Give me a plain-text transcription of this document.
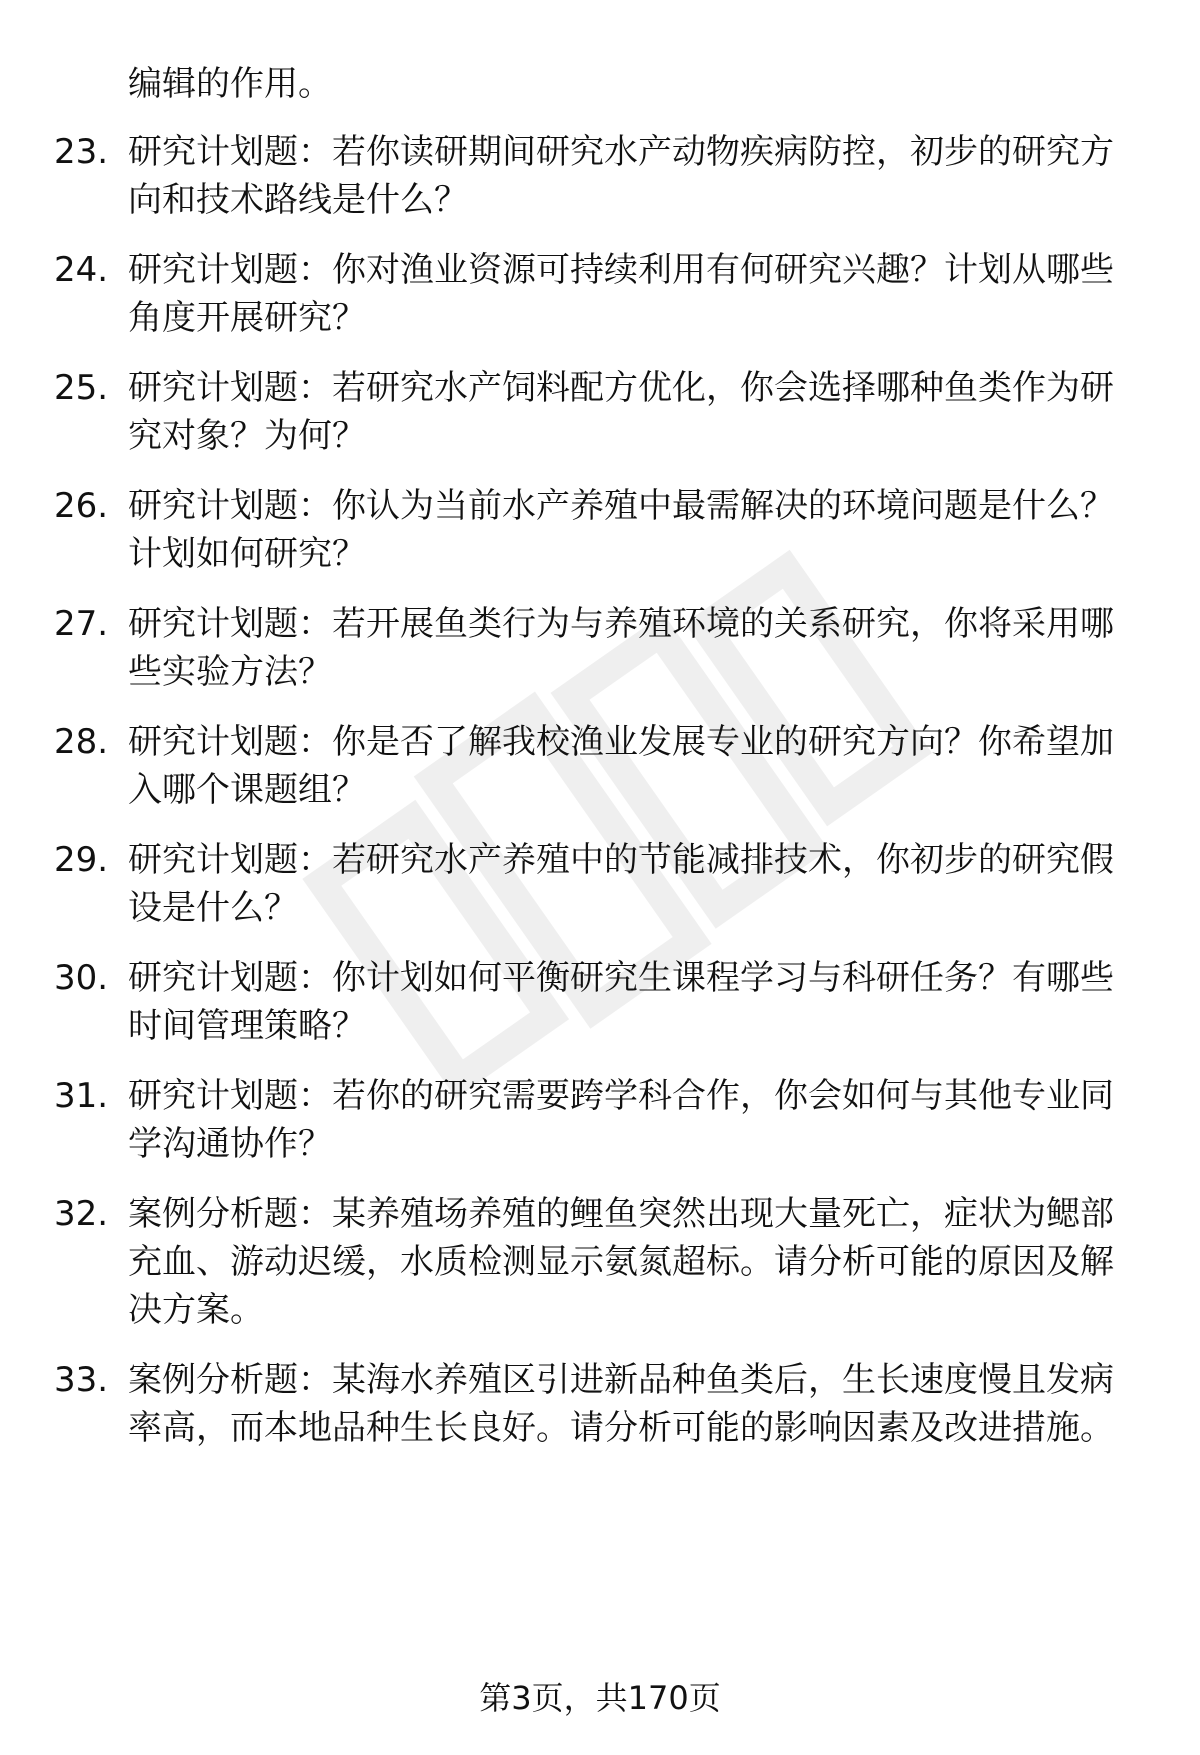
编辑的作用。
23. 研究计划题：若你读研期间研究水产动物疾病防控，初步的研究方向和技术路线是什么？
24. 研究计划题：你对渔业资源可持续利用有何研究兴趣？计划从哪些角度开展研究？
25. 研究计划题：若研究水产饲料配方优化，你会选择哪种鱼类作为研究对象？为何？
26. 研究计划题：你认为当前水产养殖中最需解决的环境问题是什么？计划如何研究？
27. 研究计划题：若开展鱼类行为与养殖环境的关系研究，你将采用哪些实验方法？
28. 研究计划题：你是否了解我校渔业发展专业的研究方向？你希望加入哪个课题组？
29. 研究计划题：若研究水产养殖中的节能减排技术，你初步的研究假设是什么？
30. 研究计划题：你计划如何平衡研究生课程学习与科研任务？有哪些时间管理策略？
31. 研究计划题：若你的研究需要跨学科合作，你会如何与其他专业同学沟通协作？
32. 案例分析题：某养殖场养殖的鲤鱼突然出现大量死亡，症状为鳃部充血、游动迟缓，水质检测显示氨氮超标。请分析可能的原因及解决方案。
33. 案例分析题：某海水养殖区引进新品种鱼类后，生长速度慢且发病率高，而本地品种生长良好。请分析可能的影响因素及改进措施。
第3页，共170页
